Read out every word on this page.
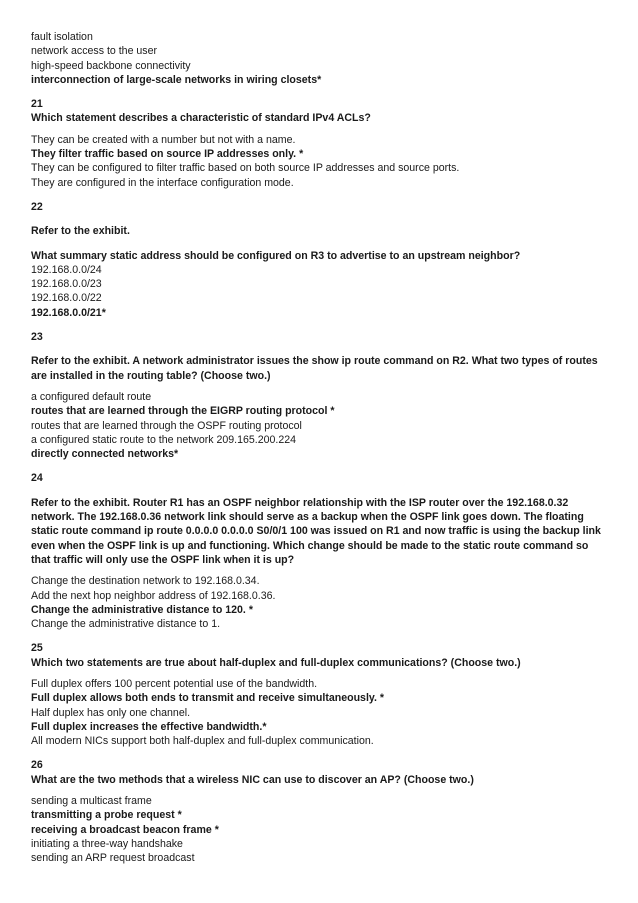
fault isolation
network access to the user
high-speed backbone connectivity
interconnection of large-scale networks in wiring closets*
21
Which statement describes a characteristic of standard IPv4 ACLs?
They can be created with a number but not with a name.
They filter traffic based on source IP addresses only. *
They can be configured to filter traffic based on both source IP addresses and source ports.
They are configured in the interface configuration mode.
22
Refer to the exhibit.
What summary static address should be configured on R3 to advertise to an upstream neighbor?
192.168.0.0/24
192.168.0.0/23
192.168.0.0/22
192.168.0.0/21*
23
Refer to the exhibit. A network administrator issues the show ip route command on R2. What two types of routes are installed in the routing table? (Choose two.)
a configured default route
routes that are learned through the EIGRP routing protocol *
routes that are learned through the OSPF routing protocol
a configured static route to the network 209.165.200.224
directly connected networks*
24
Refer to the exhibit. Router R1 has an OSPF neighbor relationship with the ISP router over the 192.168.0.32 network. The 192.168.0.36 network link should serve as a backup when the OSPF link goes down. The floating static route command ip route 0.0.0.0 0.0.0.0 S0/0/1 100 was issued on R1 and now traffic is using the backup link even when the OSPF link is up and functioning. Which change should be made to the static route command so that traffic will only use the OSPF link when it is up?
Change the destination network to 192.168.0.34.
Add the next hop neighbor address of 192.168.0.36.
Change the administrative distance to 120. *
Change the administrative distance to 1.
25
Which two statements are true about half-duplex and full-duplex communications? (Choose two.)
Full duplex offers 100 percent potential use of the bandwidth.
Full duplex allows both ends to transmit and receive simultaneously. *
Half duplex has only one channel.
Full duplex increases the effective bandwidth.*
All modern NICs support both half-duplex and full-duplex communication.
26
What are the two methods that a wireless NIC can use to discover an AP? (Choose two.)
sending a multicast frame
transmitting a probe request *
receiving a broadcast beacon frame *
initiating a three-way handshake
sending an ARP request broadcast
